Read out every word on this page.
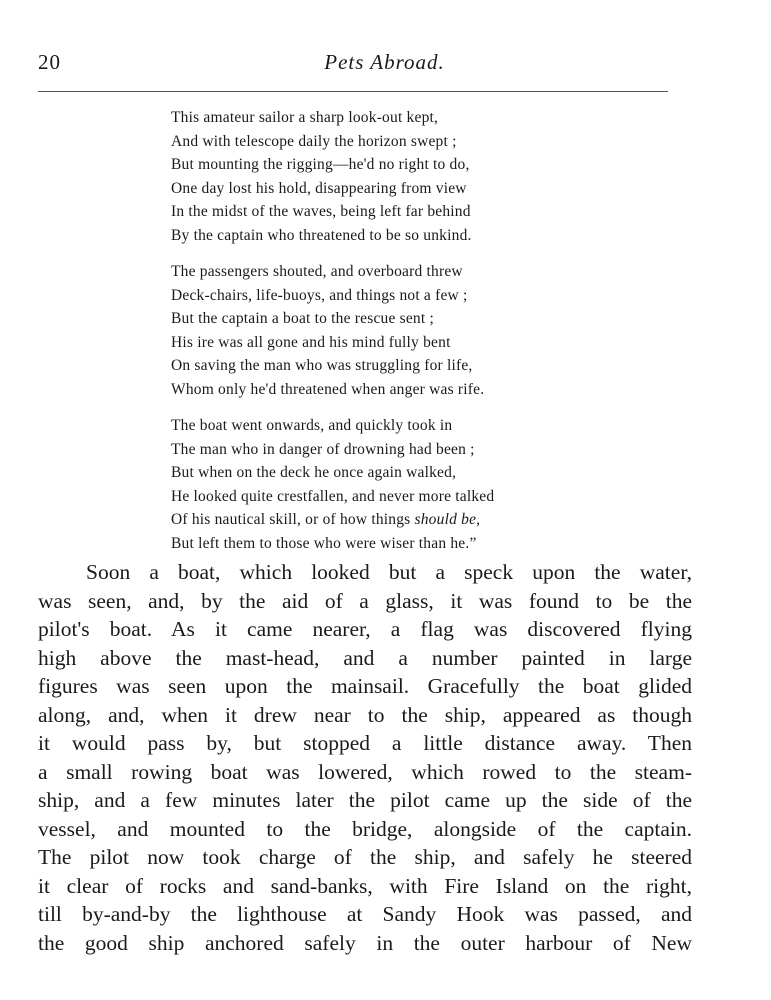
20	Pets Abroad.
This amateur sailor a sharp look-out kept,
And with telescope daily the horizon swept ;
But mounting the rigging—he'd no right to do,
One day lost his hold, disappearing from view
In the midst of the waves, being left far behind
By the captain who threatened to be so unkind.
The passengers shouted, and overboard threw
Deck-chairs, life-buoys, and things not a few ;
But the captain a boat to the rescue sent ;
His ire was all gone and his mind fully bent
On saving the man who was struggling for life,
Whom only he'd threatened when anger was rife.
The boat went onwards, and quickly took in
The man who in danger of drowning had been ;
But when on the deck he once again walked,
He looked quite crestfallen, and never more talked
Of his nautical skill, or of how things should be,
But left them to those who were wiser than he.”
Soon a boat, which looked but a speck upon the water,
was seen, and, by the aid of a glass, it was found to be the
pilot's boat. As it came nearer, a flag was discovered flying
high above the mast-head, and a number painted in large
figures was seen upon the mainsail. Gracefully the boat glided
along, and, when it drew near to the ship, appeared as though
it would pass by, but stopped a little distance away. Then
a small rowing boat was lowered, which rowed to the steam-
ship, and a few minutes later the pilot came up the side of the
vessel, and mounted to the bridge, alongside of the captain.
The pilot now took charge of the ship, and safely he steered
it clear of rocks and sand-banks, with Fire Island on the right,
till by-and-by the lighthouse at Sandy Hook was passed, and
the good ship anchored safely in the outer harbour of New
